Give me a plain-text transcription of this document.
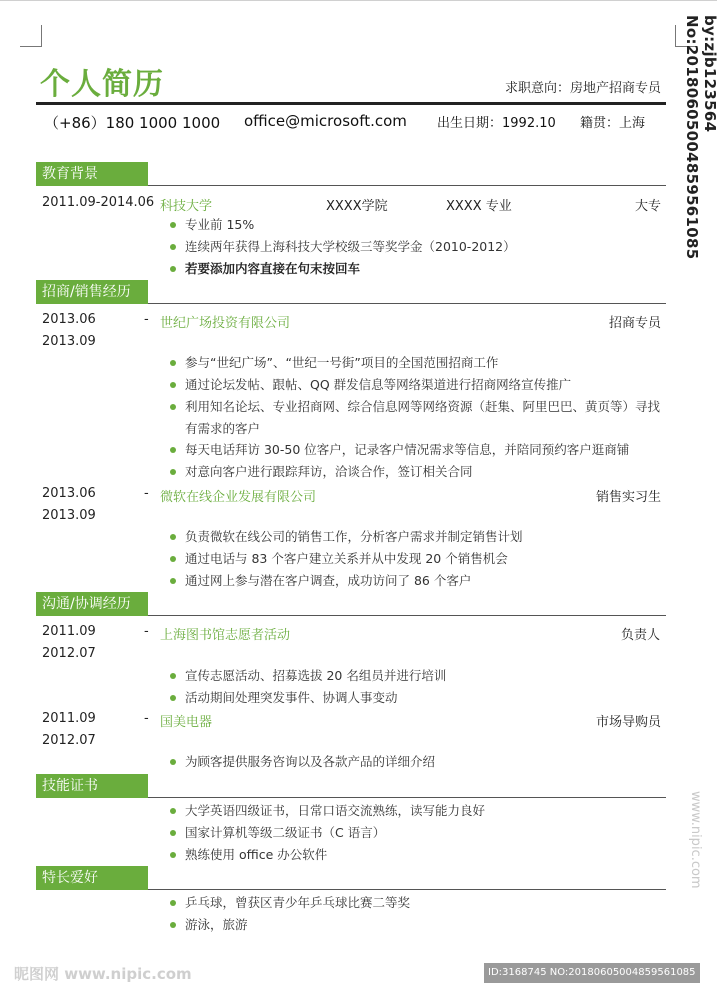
个人简历	求职意向：房地产招商专员
（+86）180 1000 1000 office@microsoft.com 出生日期：1992.10 籍贯：上海
教育背景
2011.09-2014.06 科技大学	XXXX学院	XXXX 专业	大专
专业前 15%
连续两年获得上海科技大学校级三等奖学金（2010-2012）
若要添加内容直接在句末按回车
招商/销售经历
2013.06	- 世纪广场投资有限公司	招商专员
2013.09
参与“世纪广场”、“世纪一号街”项目的全国范围招商工作
通过论坛发帖、跟帖、QQ 群发信息等网络渠道进行招商网络宣传推广
利用知名论坛、专业招商网、综合信息网等网络资源（赶集、阿里巴巴、黄页等）寻找
有需求的客户
每天电话拜访 30-50 位客户，记录客户情况需求等信息，并陪同预约客户逛商铺
对意向客户进行跟踪拜访，洽谈合作，签订相关合同
2013.06	- 微软在线企业发展有限公司	销售实习生
2013.09
负责微软在线公司的销售工作，分析客户需求并制定销售计划
通过电话与 83 个客户建立关系并从中发现 20 个销售机会
通过网上参与潜在客户调查，成功访问了 86 个客户
沟通/协调经历
2011.09	- 上海图书馆志愿者活动	负责人
2012.07
宣传志愿活动、招募选拔 20 名组员并进行培训
活动期间处理突发事件、协调人事变动
2011.09	- 国美电器	市场导购员
2012.07
为顾客提供服务咨询以及各款产品的详细介绍
技能证书
大学英语四级证书，日常口语交流熟练，读写能力良好
国家计算机等级二级证书（C 语言）
熟练使用 office 办公软件
特长爱好
乒乓球，曾获区青少年乒乓球比赛二等奖
游泳，旅游
by:zjb123564 No:20180605004859561085
www.nipic.com
昵图网 www.nipic.com	ID:3168745 NO:20180605004859561085
